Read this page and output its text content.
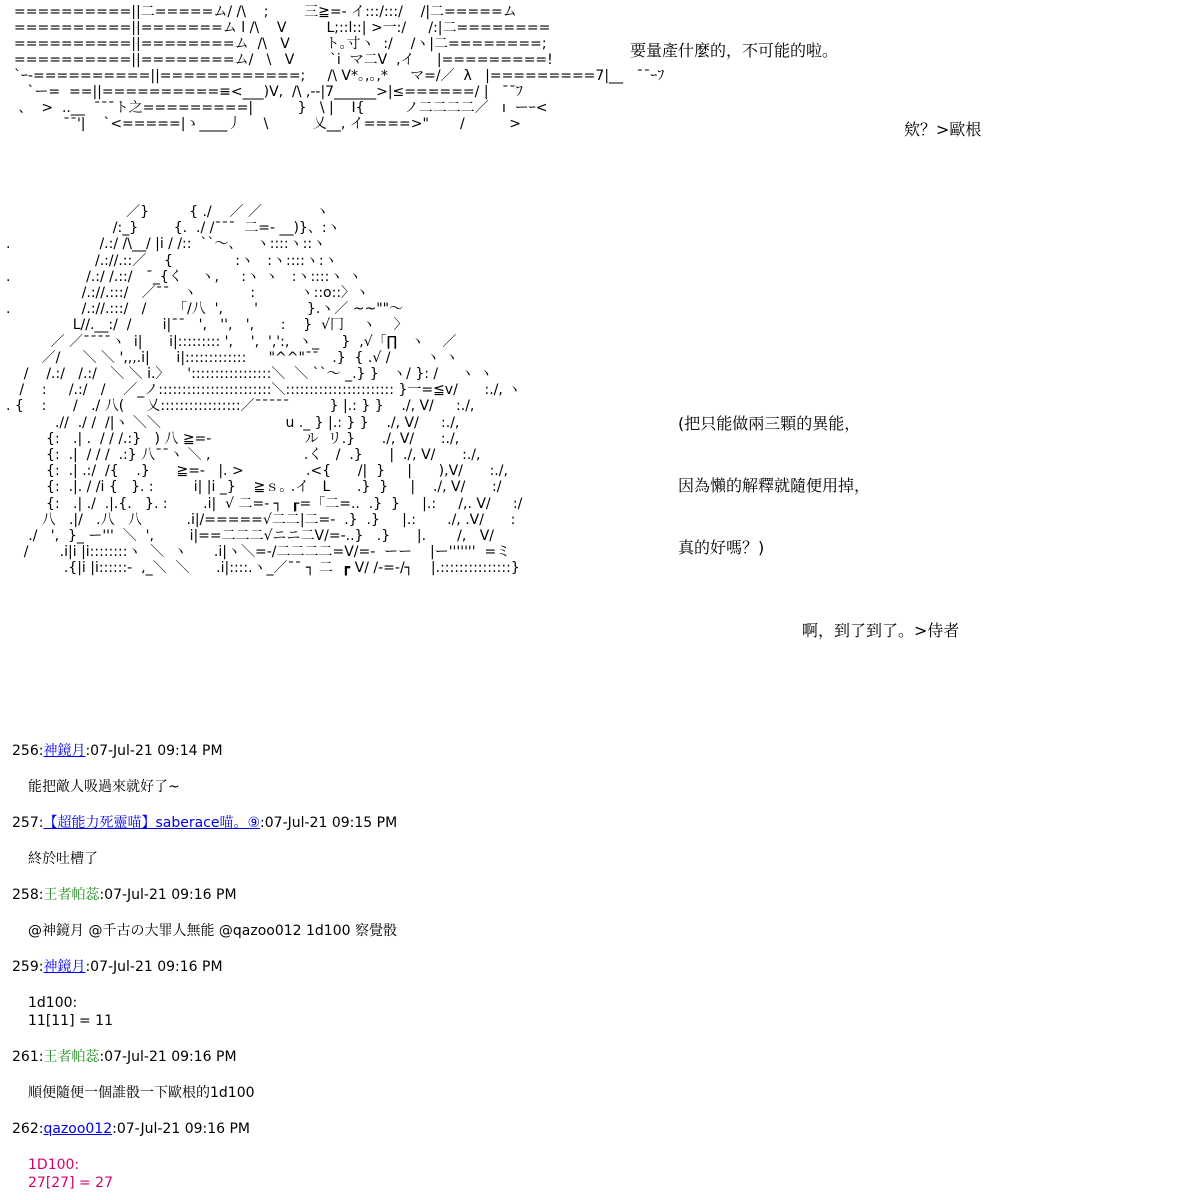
==========||二=====ム/ /\    ;        三≧=- イ:::/:::/    /|二=====ム
==========||=======ム l /\    V         L;::l::| >一:/     /:|二========
==========||========ム  /\   V        ト｡寸ヽ  :/    /ヽ|二========;
==========||========ム/   \   V        `i  マ二V  ,イ     |=========!
`ｰ-==========||============;     /\ V*｡,｡,*     マ=/／  λ   |=========7|__   ¯¯ｰﾌ
`ー=  ==||==========≡<___)V,  /\ ,--|7______>|≤======/ |   ¯¯ﾌ
、  >  ..__  ¯¯¯ト之=========|          }   \ |    I{         ノ二二二二／   ı  ーｰ<
¯¯'|    `<=====|ゝ____丿     \          乂__, イ====>"       /          >
／}         { ./    ／ ／            ヽ
/:_}        {.  ./ /¯¯¯  二=- __)}、:ヽ
.                    /.:/ /\__/ |i / /::  ``～、   ヽ::::ヽ::ヽ
/.://.::／    {              :ヽ   :ヽ::::ヽ:ヽ
.                 /.:/ /.::/   ¯_{く    ヽ,     :ヽ ヽ   :ヽ::::ヽ ヽ
/.://.:::/   ／¯¯   ヽ            :          ヽ::o::〉ヽ
.                /.://.:::/   /      「/八  ',       '           }.ヽ／ ~~""～
L//.__:/  /       i|¯¯   ',   '',   ',      :    }  √冂    ヽ    〉
／ ／¯¯¯¯ヽ  i|      i|::::::::: ',    ',  ',':,  ヽ_     }  ,√「∏   ヽ    ／
／/     ＼ ＼ ',,,.i|      i|:::::::::::::     "^^"¯¯   .}  { .√ /        ヽ ヽ
/    /.:/   /.:/   ＼ ＼ i.〉    ':::::::::::::::::＼  ＼ ``～ _.} }   ヽ/ }: /     ヽ ヽ
/    :     /.:/   /    ／_ノ::::::::::::::::::::::::＼::::::::::::::::::::::: }一=≦v/      :./, ヽ
. {    :      /   ./ 八(     乂:::::::::::::::::／¯¯¯¯¯         } |.: } }    ./, V/     :./,
.//  ./ /  /|ヽ ＼＼                            u ._ } |.: } }    ./, V/     :./,
{:   .| .  / / /.:}   ) 八 ≧=-                     ル  リ.}      ./, V/      :./,
{:  .|  / / /  .:} 八¯¯ヽ ＼ ,                     .く   /  .}      |  ./, V/      :./,
{:  .| .:/  /{    .}      ≧=-   |. >              .<{      /|  }     |      ),V/      :./,
{:  .|. / /i {   }. :         i| |i _}    ≧ｓ｡ .イ   L      .}  }     |    ./, V/      :/
{:   .| ./  .|.{.   }. :        .i|  √ 二=- ┐  ┎=「二=..  .}  }     |.:     /,. V/     :/
八   .|/   .八   八          .i|/=====√二二|二=-  .}  .}     |.:       ./, .V/      :
./   ',  }_ ー'''  ＼  ',        i|==二二二√ニニ二V/=-..}   .}      |.       /,   V/
/       .i|i |i::::::::ヽ  ＼  ヽ      .i|ヽ＼=-/二二二二=V/=-  ーー    |ー'''''''  =ミ
.{|i |i::::::-  ,_＼  ＼      .i|::::.ヽ_／¯¯ ┐ 二  ┏ V/ /-=-/┐    |.:::::::::::::::}
要量產什麼的，不可能的啦。
欸？>歐根
(把只能做兩三顆的異能，
因為懶的解釋就隨便用掉，
真的好嗎？)
啊，到了到了。>侍者
256:神鏡月:07-Jul-21 09:14 PM
能把敵人吸過來就好了~
257:【超能力死靈喵】saberace喵。⑨:07-Jul-21 09:15 PM
終於吐槽了
258:王者帕蕊:07-Jul-21 09:16 PM
@神鏡月 @千古の大罪人無能 @qazoo012 1d100 察覺骰
259:神鏡月:07-Jul-21 09:16 PM
1d100:
11[11] = 11
261:王者帕蕊:07-Jul-21 09:16 PM
順便隨便一個誰骰一下歐根的1d100
262:qazoo012:07-Jul-21 09:16 PM
1D100:
27[27] = 27
